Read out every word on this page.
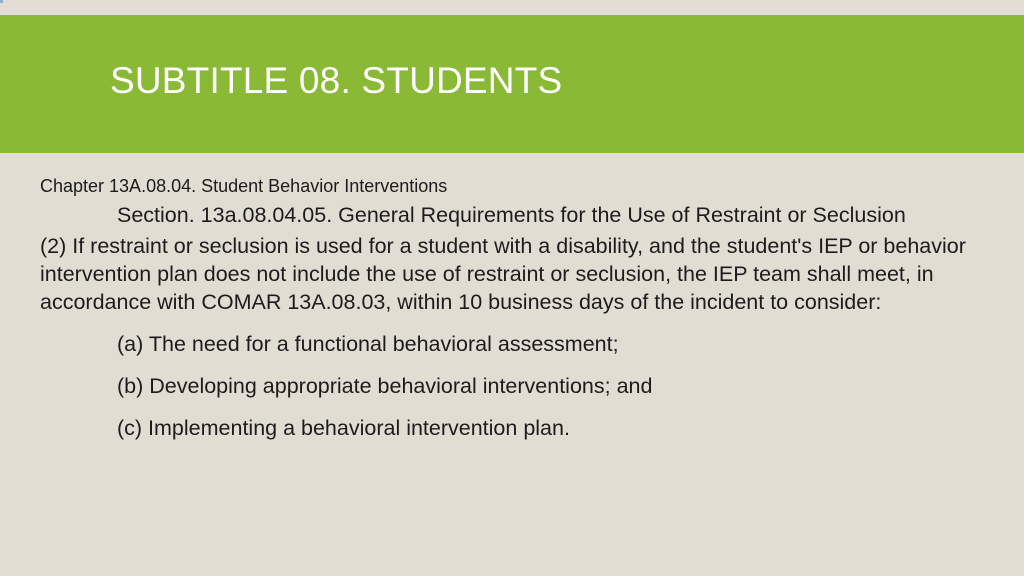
SUBTITLE 08. STUDENTS
Chapter 13A.08.04. Student Behavior Interventions
Section. 13a.08.04.05. General Requirements for the Use of Restraint or Seclusion
(2) If restraint or seclusion is used for a student with a disability, and the student's IEP or behavior intervention plan does not include the use of restraint or seclusion, the IEP team shall meet, in accordance with COMAR 13A.08.03, within 10 business days of the incident to consider:
(a) The need for a functional behavioral assessment;
(b) Developing appropriate behavioral interventions; and
(c) Implementing a behavioral intervention plan.
